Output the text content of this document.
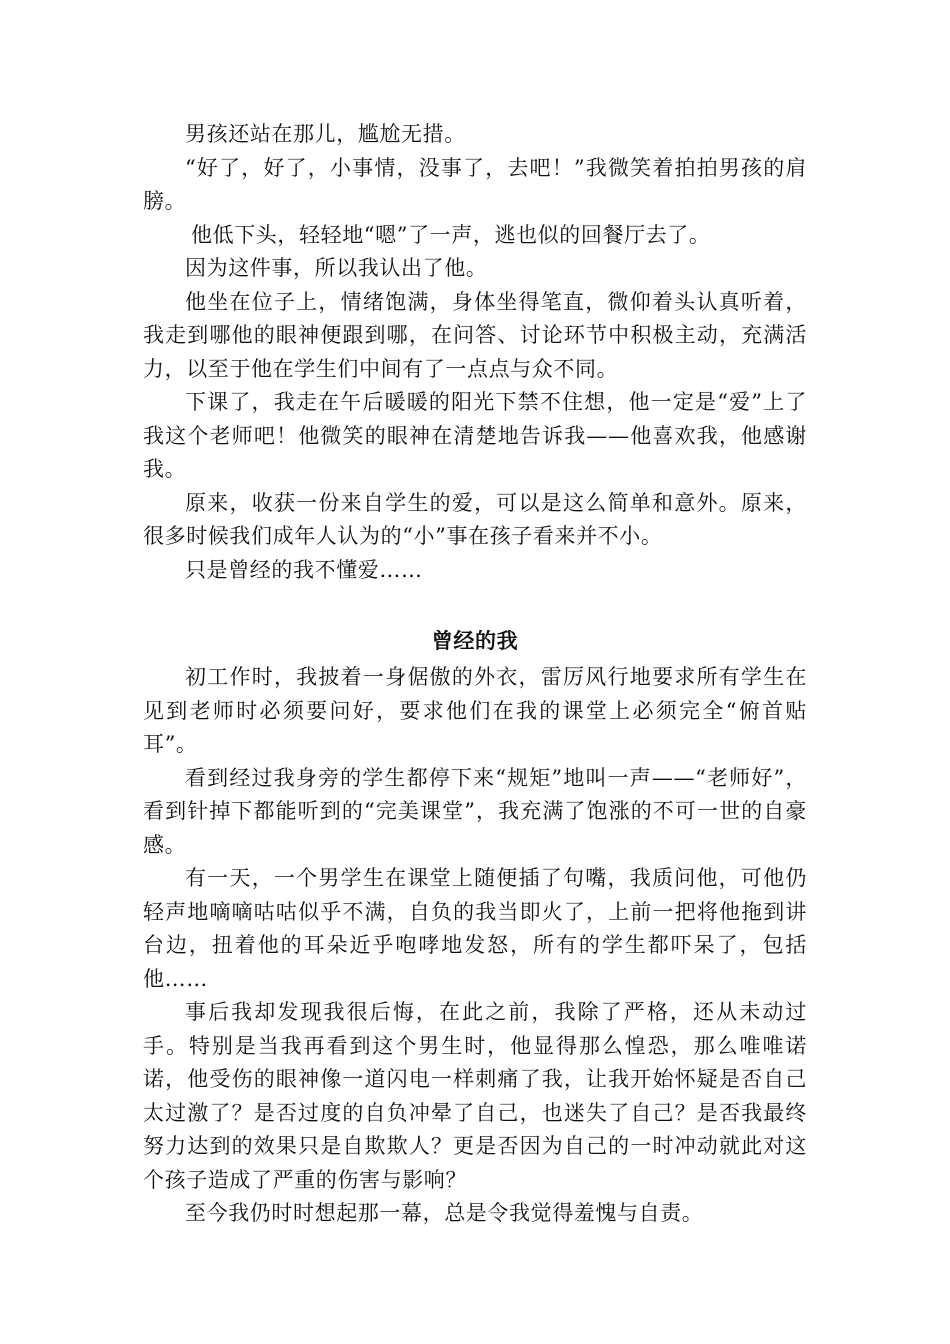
男孩还站在那儿，尴尬无措。

“好了，好了，小事情，没事了，去吧！”我微笑着拍拍男孩的肩膀。

他低下头，轻轻地“嗯”了一声，逃也似的回餐厅去了。

因为这件事，所以我认出了他。

他坐在位子上，情绪饱满，身体坐得笔直，微仰着头认真听着，我走到哪他的眼神便跟到哪，在问答、讨论环节中积极主动，充满活力，以至于他在学生们中间有了一点点与众不同。

下课了，我走在午后暖暖的阳光下禁不住想，他一定是“爱”上了我这个老师吧！他微笑的眼神在清楚地告诉我——他喜欢我，他感谢我。

原来，收获一份来自学生的爱，可以是这么简单和意外。原来，很多时候我们成年人认为的“小”事在孩子看来并不小。

只是曾经的我不懂爱……

曾经的我

初工作时，我披着一身倨傲的外衣，雷厉风行地要求所有学生在见到老师时必须要问好，要求他们在我的课堂上必须完全“俯首贴耳”。

看到经过我身旁的学生都停下来“规矩”地叫一声——“老师好”，看到针掉下都能听到的“完美课堂”，我充满了饱涨的不可一世的自豪感。

有一天，一个男学生在课堂上随便插了句嘴，我质问他，可他仍轻声地嘀嘀咕咕似乎不满，自负的我当即火了，上前一把将他拖到讲台边，扭着他的耳朵近乎咆哮地发怒，所有的学生都吓呆了，包括他……

事后我却发现我很后悔，在此之前，我除了严格，还从未动过手。特别是当我再看到这个男生时，他显得那么惶恐，那么唯唯诺诺，他受伤的眼神像一道闪电一样刺痛了我，让我开始怀疑是否自己太过激了？是否过度的自负冲晕了自己，也迷失了自己？是否我最终努力达到的效果只是自欺欺人？更是否因为自己的一时冲动就此对这个孩子造成了严重的伤害与影响？

至今我仍时时想起那一幕，总是令我觉得羞愧与自责。
